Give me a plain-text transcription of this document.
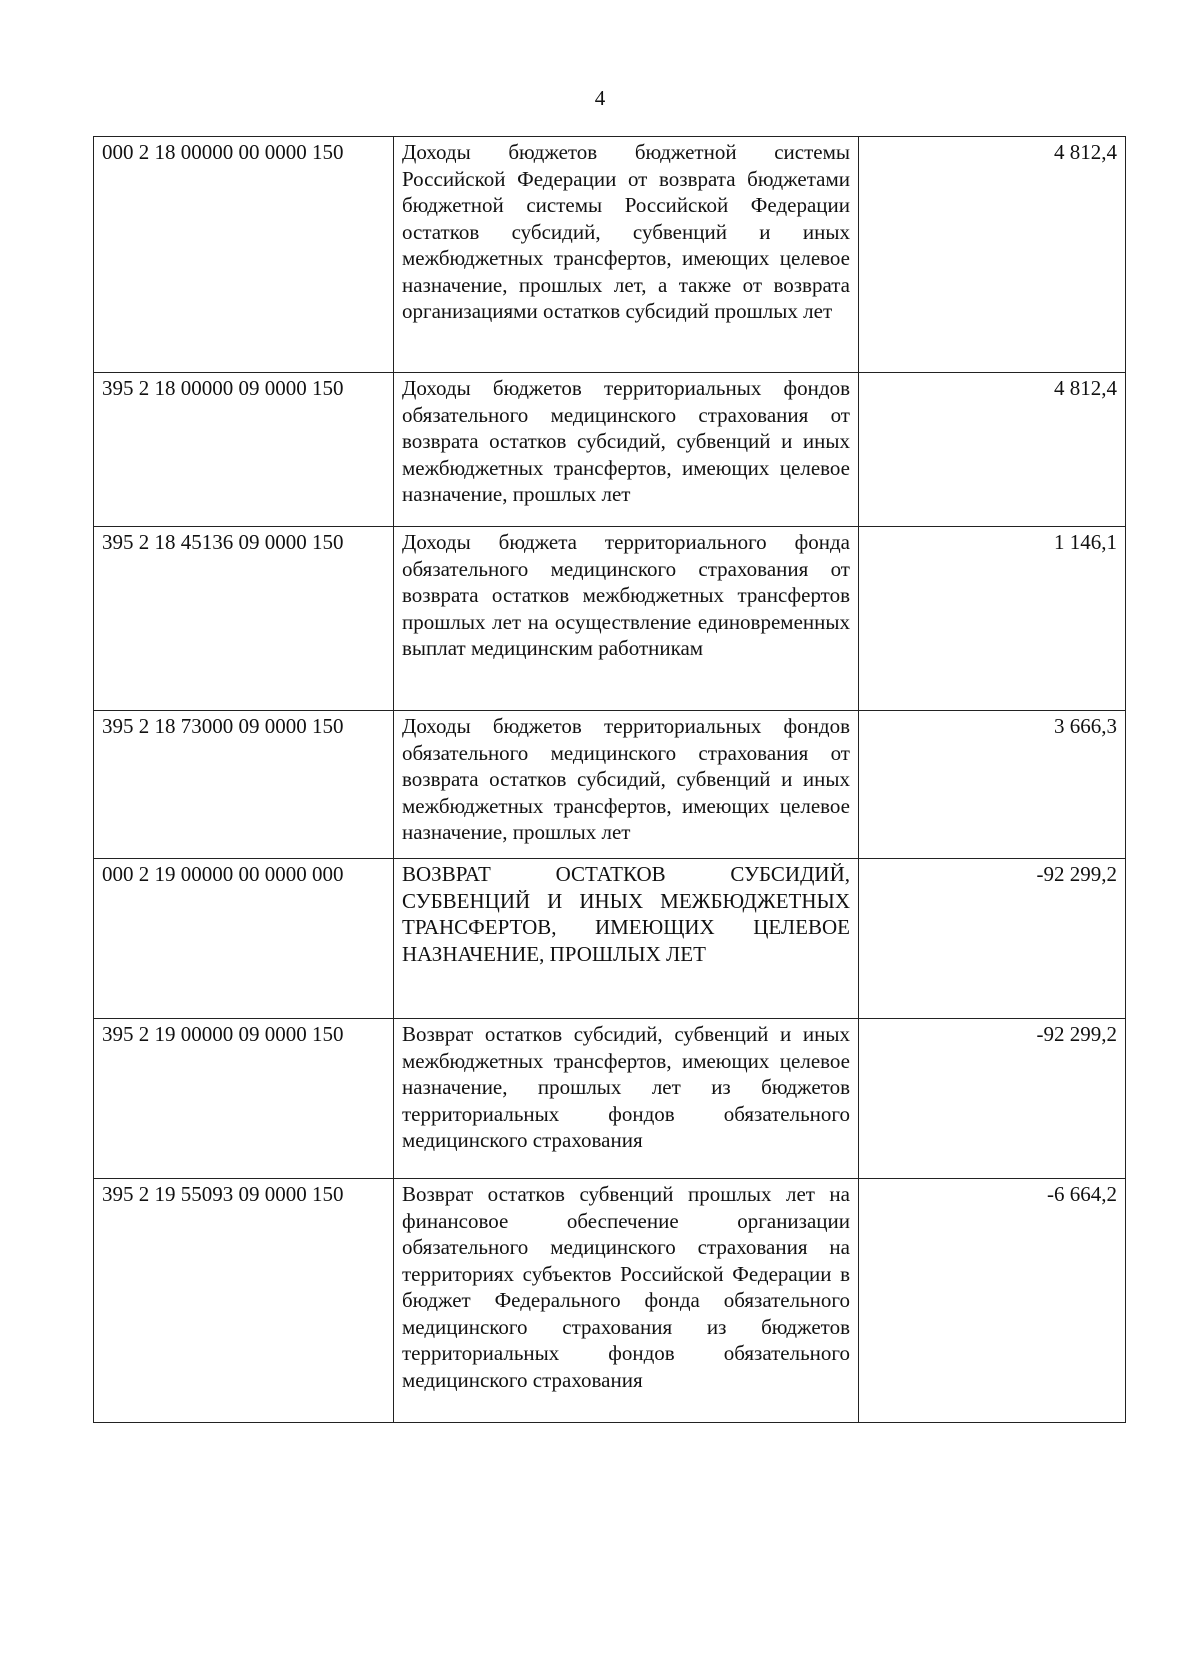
4
000 2 18 00000 00 0000 150	Доходы бюджетов бюджетной системы Российской Федерации от возврата бюджетами бюджетной системы Российской Федерации остатков субсидий, субвенций и иных межбюджетных трансфертов, имеющих целевое назначение, прошлых лет, а также от возврата организациями остатков субсидий прошлых лет	4 812,4
395 2 18 00000 09 0000 150	Доходы бюджетов территориальных фондов обязательного медицинского страхования от возврата остатков субсидий, субвенций и иных межбюджетных трансфертов, имеющих целевое назначение, прошлых лет	4 812,4
395 2 18 45136 09 0000 150	Доходы бюджета территориального фонда обязательного медицинского страхования от возврата остатков межбюджетных трансфертов прошлых лет на осуществление единовременных выплат медицинским работникам	1 146,1
395 2 18 73000 09 0000 150	Доходы бюджетов территориальных фондов обязательного медицинского страхования от возврата остатков субсидий, субвенций и иных межбюджетных трансфертов, имеющих целевое назначение, прошлых лет	3 666,3
000 2 19 00000 00 0000 000	ВОЗВРАТ ОСТАТКОВ СУБСИДИЙ, СУБВЕНЦИЙ И ИНЫХ МЕЖБЮДЖЕТНЫХ ТРАНСФЕРТОВ, ИМЕЮЩИХ ЦЕЛЕВОЕ НАЗНАЧЕНИЕ, ПРОШЛЫХ ЛЕТ	-92 299,2
395 2 19 00000 09 0000 150	Возврат остатков субсидий, субвенций и иных межбюджетных трансфертов, имеющих целевое назначение, прошлых лет из бюджетов территориальных фондов обязательного медицинского страхования	-92 299,2
395 2 19 55093 09 0000 150	Возврат остатков субвенций прошлых лет на финансовое обеспечение организации обязательного медицинского страхования на территориях субъектов Российской Федерации в бюджет Федерального фонда обязательного медицинского страхования из бюджетов территориальных фондов обязательного медицинского страхования	-6 664,2
